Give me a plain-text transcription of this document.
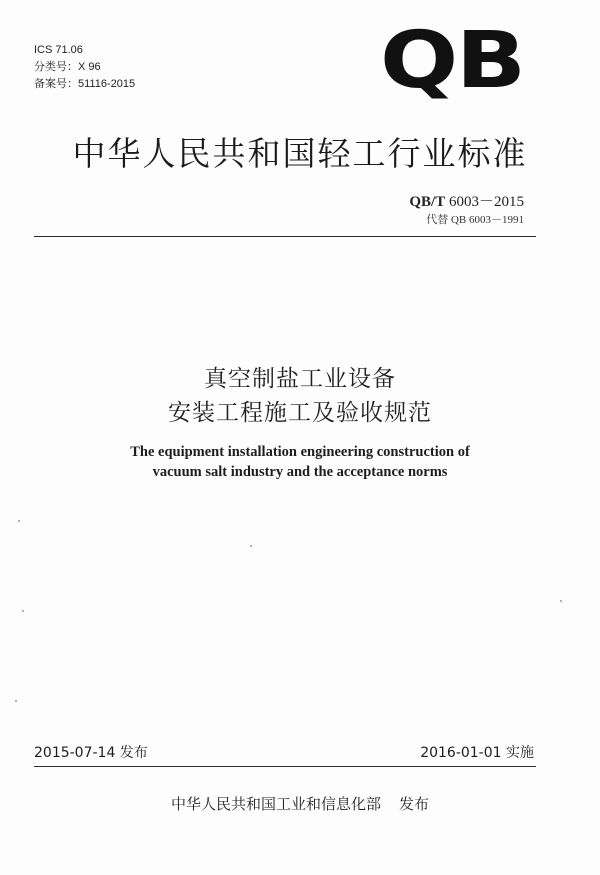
ICS 71.06
分类号：X 96
备案号：51116-2015	QB
中华人民共和国轻工行业标准
QB/T 6003－2015
代替 QB 6003－1991
真空制盐工业设备
安装工程施工及验收规范
The equipment installation engineering construction of
vacuum salt industry and the acceptance norms
2015-07-14 发布	2016-01-01 实施
中华人民共和国工业和信息化部 发布
